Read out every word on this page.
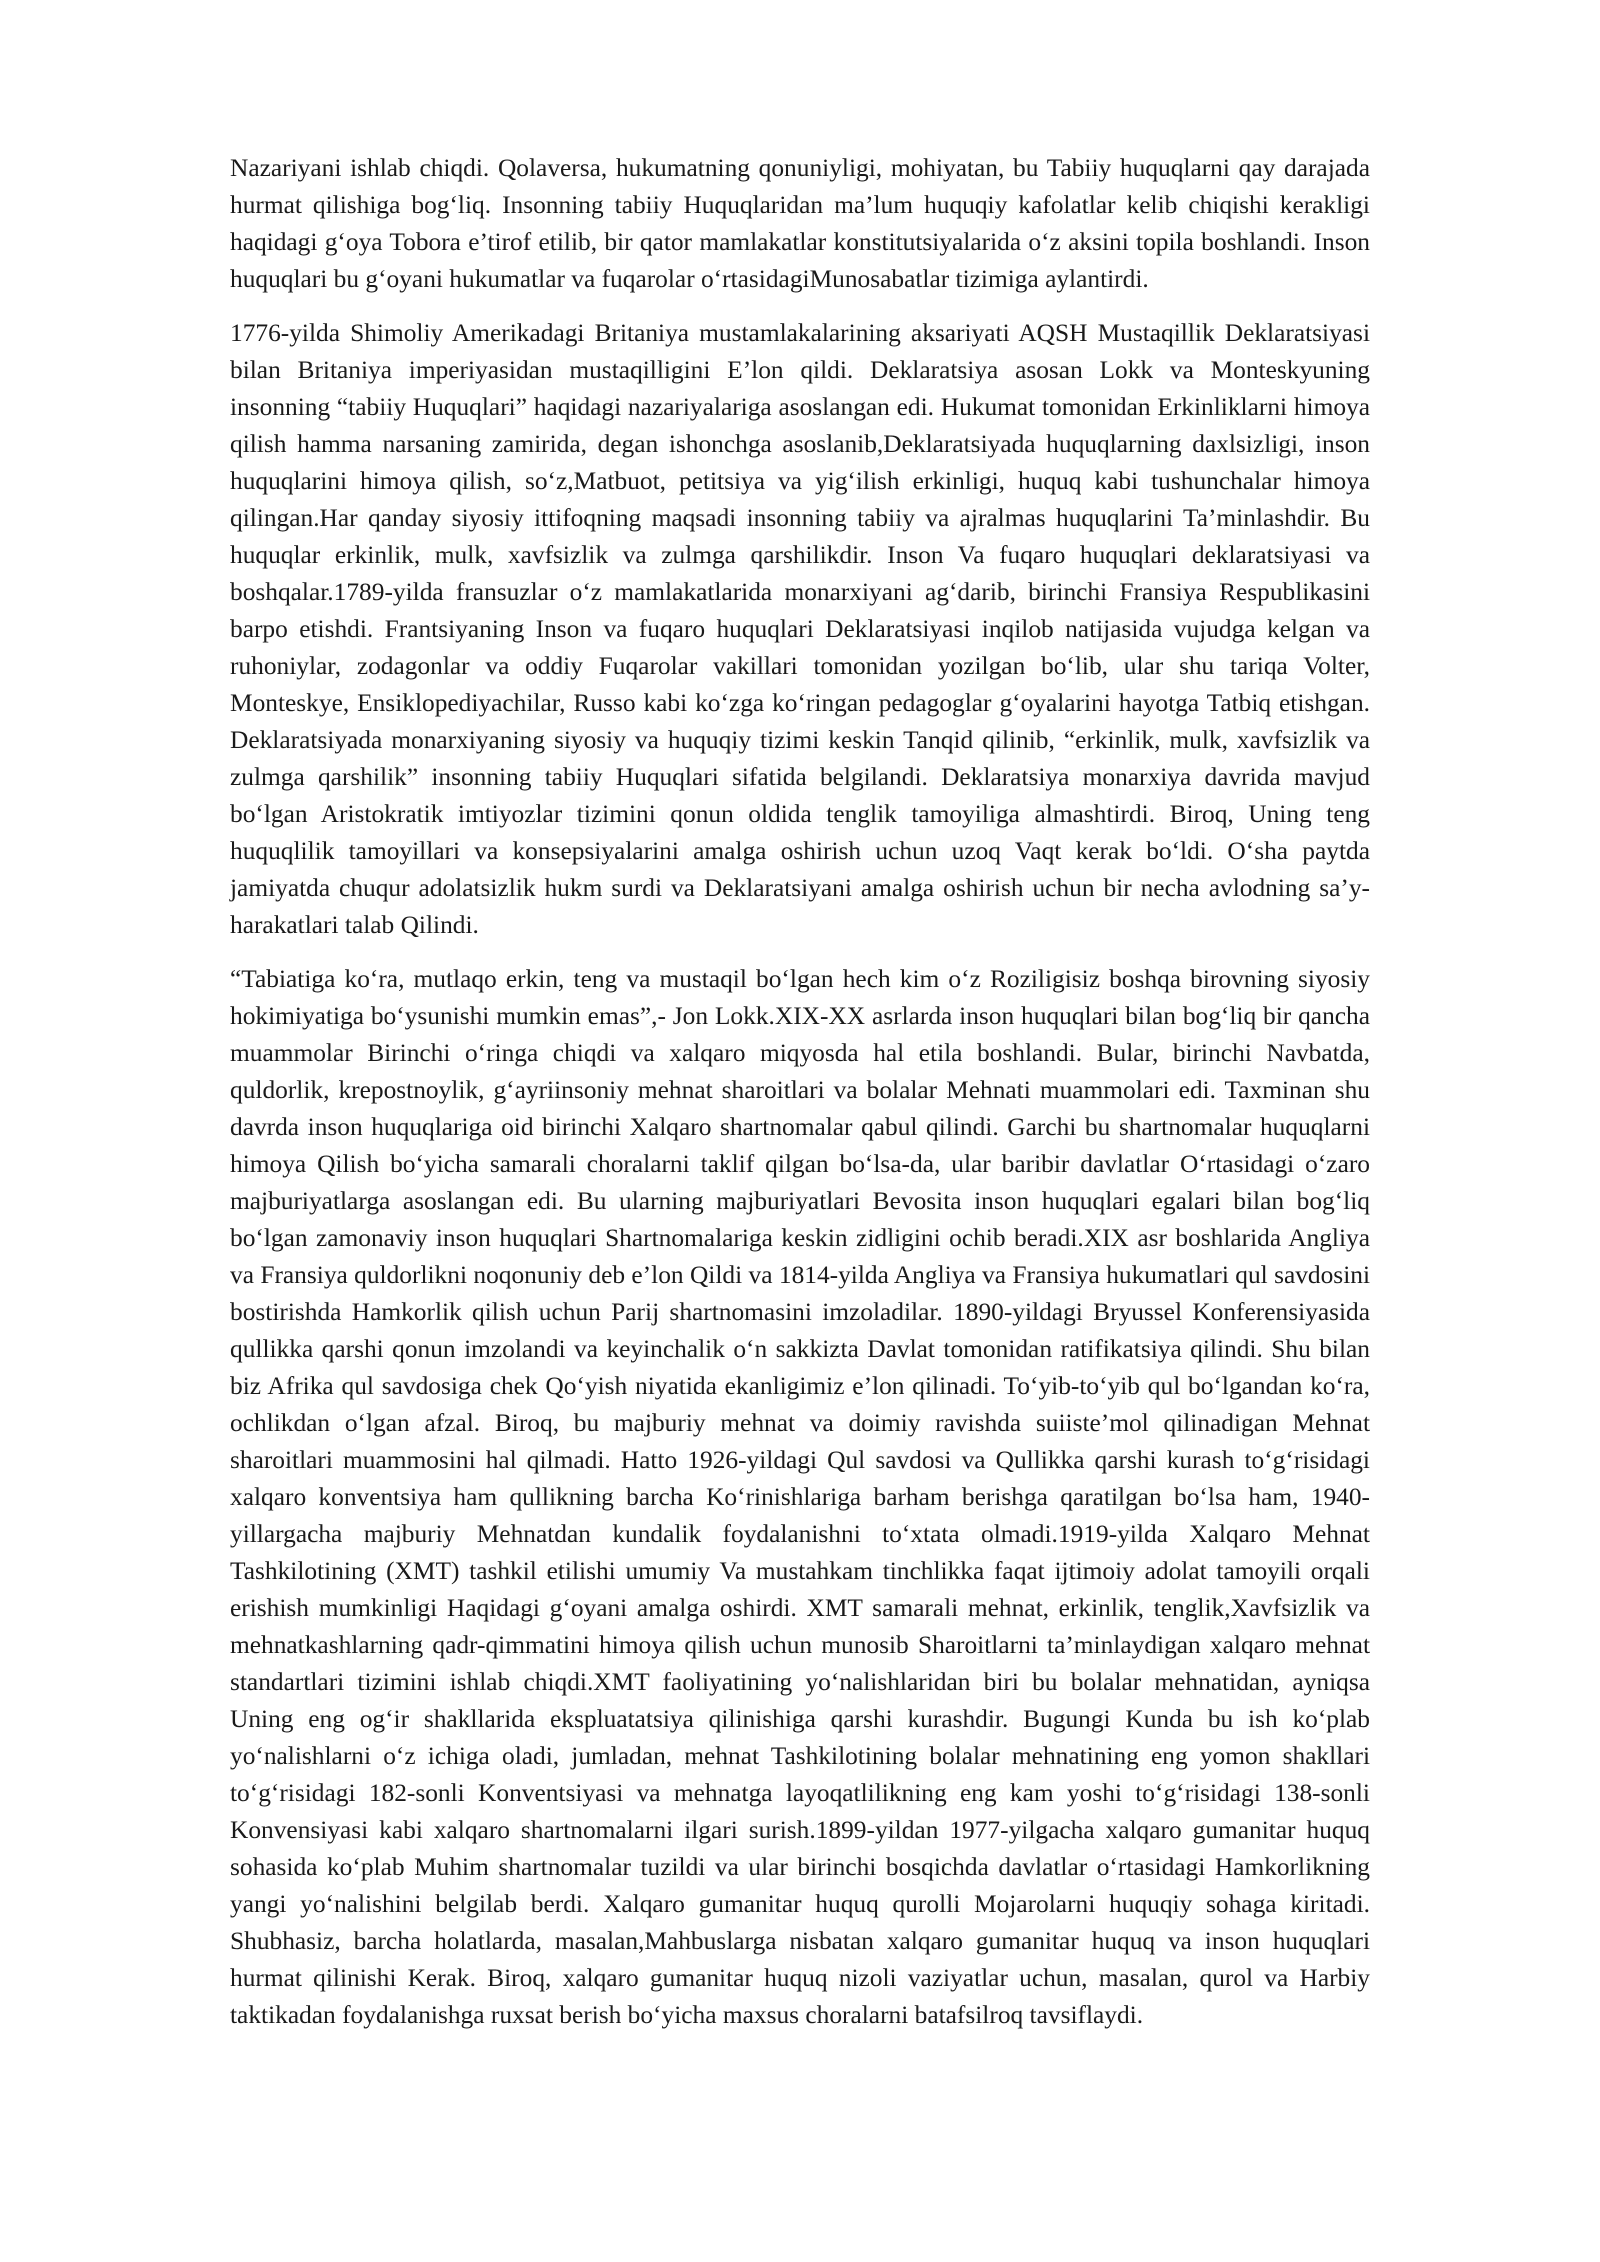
Nazariyani ishlab chiqdi. Qolaversa, hukumatning qonuniyligi, mohiyatan, bu Tabiiy huquqlarni qay darajada hurmat qilishiga bog‘liq. Insonning tabiiy Huquqlaridan ma’lum huquqiy kafolatlar kelib chiqishi kerakligi haqidagi g‘oya Tobora e’tirof etilib, bir qator mamlakatlar konstitutsiyalarida o‘z aksini topila boshlandi. Inson huquqlari bu g‘oyani hukumatlar va fuqarolar o‘rtasidagiMunosabatlar tizimiga aylantirdi.

1776-yilda Shimoliy Amerikadagi Britaniya mustamlakalarining aksariyati AQSH Mustaqillik Deklaratsiyasi bilan Britaniya imperiyasidan mustaqilligini E’lon qildi. Deklaratsiya asosan Lokk va Monteskyuning insonning “tabiiy Huquqlari” haqidagi nazariyalariga asoslangan edi. Hukumat tomonidan Erkinliklarni himoya qilish hamma narsaning zamirida, degan ishonchga asoslanib,Deklaratsiyada huquqlarning daxlsizligi, inson huquqlarini himoya qilish, so‘z,Matbuot, petitsiya va yig‘ilish erkinligi, huquq kabi tushunchalar himoya qilingan.Har qanday siyosiy ittifoqning maqsadi insonning tabiiy va ajralmas huquqlarini Ta’minlashdir. Bu huquqlar erkinlik, mulk, xavfsizlik va zulmga qarshilikdir. Inson Va fuqaro huquqlari deklaratsiyasi va boshqalar.1789-yilda fransuzlar o‘z mamlakatlarida monarxiyani ag‘darib, birinchi Fransiya Respublikasini barpo etishdi. Frantsiyaning Inson va fuqaro huquqlari Deklaratsiyasi inqilob natijasida vujudga kelgan va ruhoniylar, zodagonlar va oddiy Fuqarolar vakillari tomonidan yozilgan bo‘lib, ular shu tariqa Volter, Monteskye, Ensiklopediyachilar, Russo kabi ko‘zga ko‘ringan pedagoglar g‘oyalarini hayotga Tatbiq etishgan. Deklaratsiyada monarxiyaning siyosiy va huquqiy tizimi keskin Tanqid qilinib, “erkinlik, mulk, xavfsizlik va zulmga qarshilik” insonning tabiiy Huquqlari sifatida belgilandi. Deklaratsiya monarxiya davrida mavjud bo‘lgan Aristokratik imtiyozlar tizimini qonun oldida tenglik tamoyiliga almashtirdi. Biroq, Uning teng huquqlilik tamoyillari va konsepsiyalarini amalga oshirish uchun uzoq Vaqt kerak bo‘ldi. O‘sha paytda jamiyatda chuqur adolatsizlik hukm surdi va Deklaratsiyani amalga oshirish uchun bir necha avlodning sa’y-harakatlari talab Qilindi.

“Tabiatiga ko‘ra, mutlaqo erkin, teng va mustaqil bo‘lgan hech kim o‘z Roziligisiz boshqa birovning siyosiy hokimiyatiga bo‘ysunishi mumkin emas”,- Jon Lokk.XIX-XX asrlarda inson huquqlari bilan bog‘liq bir qancha muammolar Birinchi o‘ringa chiqdi va xalqaro miqyosda hal etila boshlandi. Bular, birinchi Navbatda, quldorlik, krepostnoylik, g‘ayriinsoniy mehnat sharoitlari va bolalar Mehnati muammolari edi. Taxminan shu davrda inson huquqlariga oid birinchi Xalqaro shartnomalar qabul qilindi. Garchi bu shartnomalar huquqlarni himoya Qilish bo‘yicha samarali choralarni taklif qilgan bo‘lsa-da, ular baribir davlatlar O‘rtasidagi o‘zaro majburiyatlarga asoslangan edi. Bu ularning majburiyatlari Bevosita inson huquqlari egalari bilan bog‘liq bo‘lgan zamonaviy inson huquqlari Shartnomalariga keskin zidligini ochib beradi.XIX asr boshlarida Angliya va Fransiya quldorlikni noqonuniy deb e’lon Qildi va 1814-yilda Angliya va Fransiya hukumatlari qul savdosini bostirishda Hamkorlik qilish uchun Parij shartnomasini imzoladilar. 1890-yildagi Bryussel Konferensiyasida qullikka qarshi qonun imzolandi va keyinchalik o‘n sakkizta Davlat tomonidan ratifikatsiya qilindi. Shu bilan biz Afrika qul savdosiga chek Qo‘yish niyatida ekanligimiz e’lon qilinadi. To‘yib-to‘yib qul bo‘lgandan ko‘ra, ochlikdan o‘lgan afzal. Biroq, bu majburiy mehnat va doimiy ravishda suiiste’mol qilinadigan Mehnat sharoitlari muammosini hal qilmadi. Hatto 1926-yildagi Qul savdosi va Qullikka qarshi kurash to‘g‘risidagi xalqaro konventsiya ham qullikning barcha Ko‘rinishlariga barham berishga qaratilgan bo‘lsa ham, 1940-yillargacha majburiy Mehnatdan kundalik foydalanishni to‘xtata olmadi.1919-yilda Xalqaro Mehnat Tashkilotining (XMT) tashkil etilishi umumiy Va mustahkam tinchlikka faqat ijtimoiy adolat tamoyili orqali erishish mumkinligi Haqidagi g‘oyani amalga oshirdi. XMT samarali mehnat, erkinlik, tenglik,Xavfsizlik va mehnatkashlarning qadr-qimmatini himoya qilish uchun munosib Sharoitlarni ta’minlaydigan xalqaro mehnat standartlari tizimini ishlab chiqdi.XMT faoliyatining yo‘nalishlaridan biri bu bolalar mehnatidan, ayniqsa Uning eng og‘ir shakllarida ekspluatatsiya qilinishiga qarshi kurashdir. Bugungi Kunda bu ish ko‘plab yo‘nalishlarni o‘z ichiga oladi, jumladan, mehnat Tashkilotining bolalar mehnatining eng yomon shakllari to‘g‘risidagi 182-sonli Konventsiyasi va mehnatga layoqatlilikning eng kam yoshi to‘g‘risidagi 138-sonli Konvensiyasi kabi xalqaro shartnomalarni ilgari surish.1899-yildan 1977-yilgacha xalqaro gumanitar huquq sohasida ko‘plab Muhim shartnomalar tuzildi va ular birinchi bosqichda davlatlar o‘rtasidagi Hamkorlikning yangi yo‘nalishini belgilab berdi. Xalqaro gumanitar huquq qurolli Mojarolarni huquqiy sohaga kiritadi. Shubhasiz, barcha holatlarda, masalan,Mahbuslarga nisbatan xalqaro gumanitar huquq va inson huquqlari hurmat qilinishi Kerak. Biroq, xalqaro gumanitar huquq nizoli vaziyatlar uchun, masalan, qurol va Harbiy taktikadan foydalanishga ruxsat berish bo‘yicha maxsus choralarni batafsilroq tavsiflaydi.
